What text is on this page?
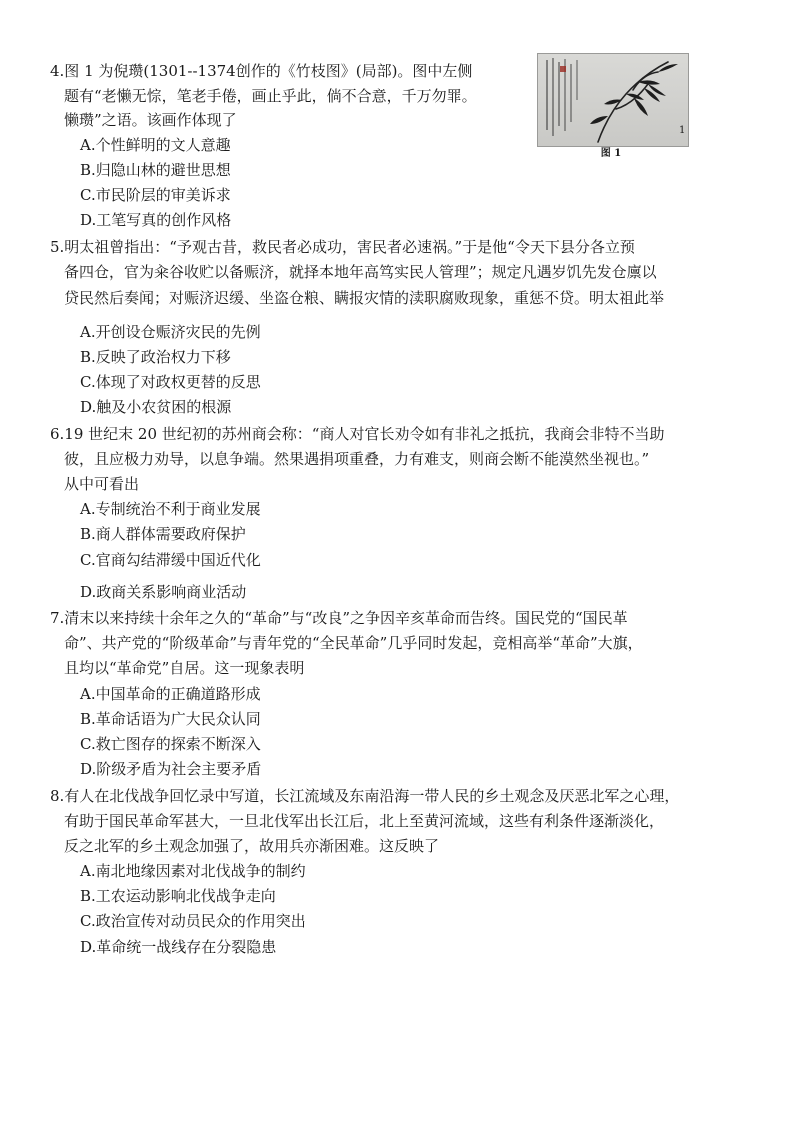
4.图 1 为倪瓒(1301--1374创作的《竹枝图》(局部)。图中左侧
题有“老懒无悰，笔老手倦，画止乎此，倘不合意，千万勿罪。
懒瓒”之语。该画作体现了
A.个性鲜明的文人意趣
B.归隐山林的避世思想
C.市民阶层的审美诉求
D.工笔写真的创作风格
1
图 1
5.明太祖曾指出：“予观古昔，救民者必成功，害民者必速祸。”于是他“令天下县分各立预
备四仓，官为籴谷收贮以备赈济，就择本地年高笃实民人管理”；规定凡遇岁饥先发仓廪以
贷民然后奏闻；对赈济迟缓、坐盗仓粮、瞒报灾情的渎职腐败现象，重惩不贷。明太祖此举
A.开创设仓赈济灾民的先例
B.反映了政治权力下移
C.体现了对政权更替的反思
D.触及小农贫困的根源
6.19 世纪末 20 世纪初的苏州商会称：“商人对官长劝令如有非礼之抵抗，我商会非特不当助
彼，且应极力劝导，以息争端。然果遇捐项重叠，力有难支，则商会断不能漠然坐视也。”
从中可看出
A.专制统治不利于商业发展
B.商人群体需要政府保护
C.官商勾结滞缓中国近代化
D.政商关系影响商业活动
7.清末以来持续十余年之久的“革命”与“改良”之争因辛亥革命而告终。国民党的“国民革
命”、共产党的“阶级革命”与青年党的“全民革命”几乎同时发起，竞相高举“革命”大旗，
且均以“革命党”自居。这一现象表明
A.中国革命的正确道路形成
B.革命话语为广大民众认同
C.救亡图存的探索不断深入
D.阶级矛盾为社会主要矛盾
8.有人在北伐战争回忆录中写道，长江流域及东南沿海一带人民的乡土观念及厌恶北军之心理，
有助于国民革命军甚大，一旦北伐军出长江后，北上至黄河流域，这些有利条件逐渐淡化，
反之北军的乡土观念加强了，故用兵亦渐困难。这反映了
A.南北地缘因素对北伐战争的制约
B.工农运动影响北伐战争走向
C.政治宣传对动员民众的作用突出
D.革命统一战线存在分裂隐患
